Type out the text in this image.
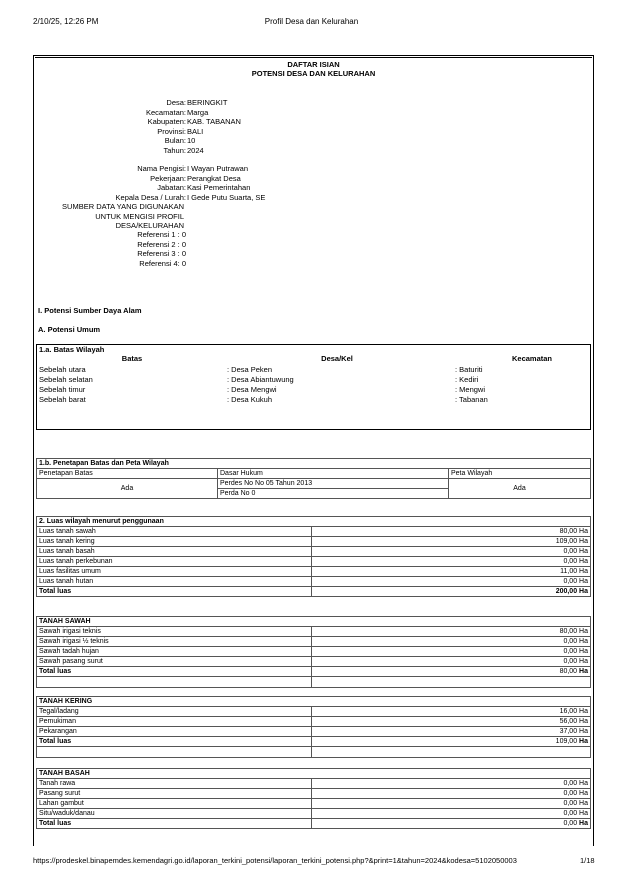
2/10/25, 12:26 PM	Profil Desa dan Kelurahan
DAFTAR ISIAN
POTENSI DESA DAN KELURAHAN
Desa: BERINGKIT
Kecamatan: Marga
Kabupaten: KAB. TABANAN
Provinsi: BALI
Bulan: 10
Tahun: 2024
Nama Pengisi: I Wayan Putrawan
Pekerjaan: Perangkat Desa
Jabatan: Kasi Pemerintahan
Kepala Desa / Lurah: I Gede Putu Suarta, SE
SUMBER DATA YANG DIGUNAKAN
UNTUK MENGISI PROFIL
DESA/KELURAHAN
Referensi 1 : 0
Referensi 2 : 0
Referensi 3 : 0
Referensi 4: 0
I. Potensi Sumber Daya Alam
A. Potensi Umum
1.a. Batas Wilayah
Batas	Desa/Kel	Kecamatan
Sebelah utara	: Desa Peken	: Baturiti
Sebelah selatan	: Desa Abiantuwung	: Kediri
Sebelah timur	: Desa Mengwi	: Mengwi
Sebelah barat	: Desa Kukuh	: Tabanan
1.b. Penetapan Batas dan Peta Wilayah		
Penetapan Batas	Dasar Hukum	Peta Wilayah
Ada	Perdes No No 05 Tahun 2013	Ada
	Perda No 0	
2. Luas wilayah menurut penggunaan	
Luas tanah sawah	80,00 Ha
Luas tanah kering	109,00 Ha
Luas tanah basah	0,00 Ha
Luas tanah perkebunan	0,00 Ha
Luas fasilitas umum	11,00 Ha
Luas tanah hutan	0,00 Ha
Total luas	200,00 Ha
TANAH SAWAH	
Sawah irigasi teknis	80,00 Ha
Sawah irigasi ½ teknis	0,00 Ha
Sawah tadah hujan	0,00 Ha
Sawah pasang surut	0,00 Ha
Total luas	80,00 Ha

TANAH KERING	
Tegal/ladang	16,00 Ha
Pemukiman	56,00 Ha
Pekarangan	37,00 Ha
Total luas	109,00 Ha

TANAH BASAH	
Tanah rawa	0,00 Ha
Pasang surut	0,00 Ha
Lahan gambut	0,00 Ha
Situ/waduk/danau	0,00 Ha
Total luas	0,00 Ha
https://prodeskel.binapemdes.kemendagri.go.id/laporan_terkini_potensi/laporan_terkini_potensi.php?&print=1&tahun=2024&kodesa=5102050003	1/18
